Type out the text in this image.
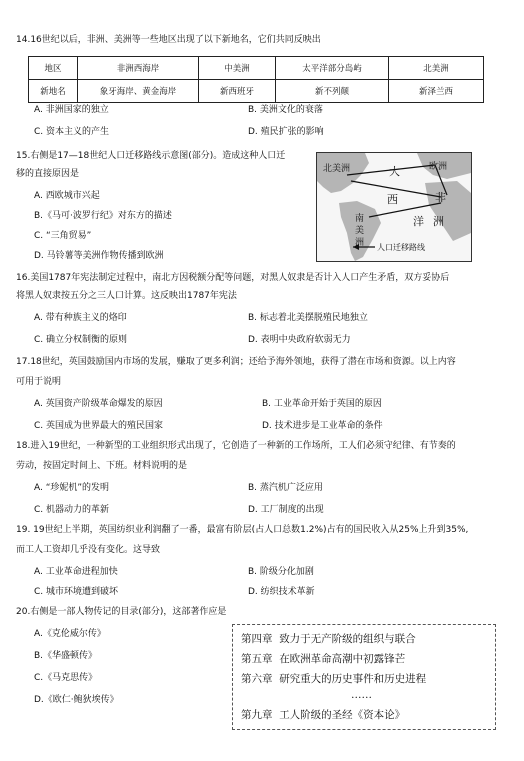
14.16世纪以后，非洲、美洲等一些地区出现了以下新地名，它们共同反映出
地区	非洲西海岸	中美洲	太平洋部分岛屿	北美洲
新地名	象牙海岸、黄金海岸	新西班牙	新不列颠	新泽兰西
A. 非洲国家的独立	B. 美洲文化的衰落
C. 资本主义的产生	D. 殖民扩张的影响
15.右侧是17—18世纪人口迁移路线示意图(部分)。造成这种人口迁
移的直接原因是
A. 西欧城市兴起
B.《马可·波罗行纪》对东方的描述
C. “三角贸易”
D. 马铃薯等美洲作物传播到欧洲
北美洲	大	欧洲
西	非
南
美
洲
洋 洲
人口迁移路线
16.美国1787年宪法制定过程中，南北方因税额分配等问题，对黑人奴隶是否计入人口产生矛盾，双方妥协后
将黑人奴隶按五分之三人口计算。这反映出1787年宪法
A. 带有种族主义的烙印	B. 标志着北美摆脱殖民地独立
C. 确立分权制衡的原则	D. 表明中央政府软弱无力
17.18世纪，英国鼓励国内市场的发展，赚取了更多利润；还给予海外领地，获得了潜在市场和资源。以上内容
可用于说明
A. 英国资产阶级革命爆发的原因	B. 工业革命开始于英国的原因
C. 英国成为世界最大的殖民国家	D. 技术进步是工业革命的条件
18.进入19世纪，一种新型的工业组织形式出现了，它创造了一种新的工作场所，工人们必须守纪律、有节奏的
劳动，按固定时间上、下班。材料说明的是
A. “珍妮机”的发明	B. 蒸汽机广泛应用
C. 机器动力的革新	D. 工厂制度的出现
19. 19世纪上半期，英国纺织业利润翻了一番，最富有阶层(占人口总数1.2%)占有的国民收入从25%上升到35%,
而工人工资却几乎没有变化。这导致
A. 工业革命进程加快	B. 阶级分化加剧
C. 城市环境遭到破坏	D. 纺织技术革新
20.右侧是一部人物传记的目录(部分)，这部著作应是
A.《克伦威尔传》
B.《华盛顿传》
C.《马克思传》
D.《欧仁·鲍狄埃传》
第四章 致力于无产阶级的组织与联合
第五章 在欧洲革命高潮中初露锋芒
第六章 研究重大的历史事件和历史进程
……
第九章 工人阶级的圣经《资本论》
